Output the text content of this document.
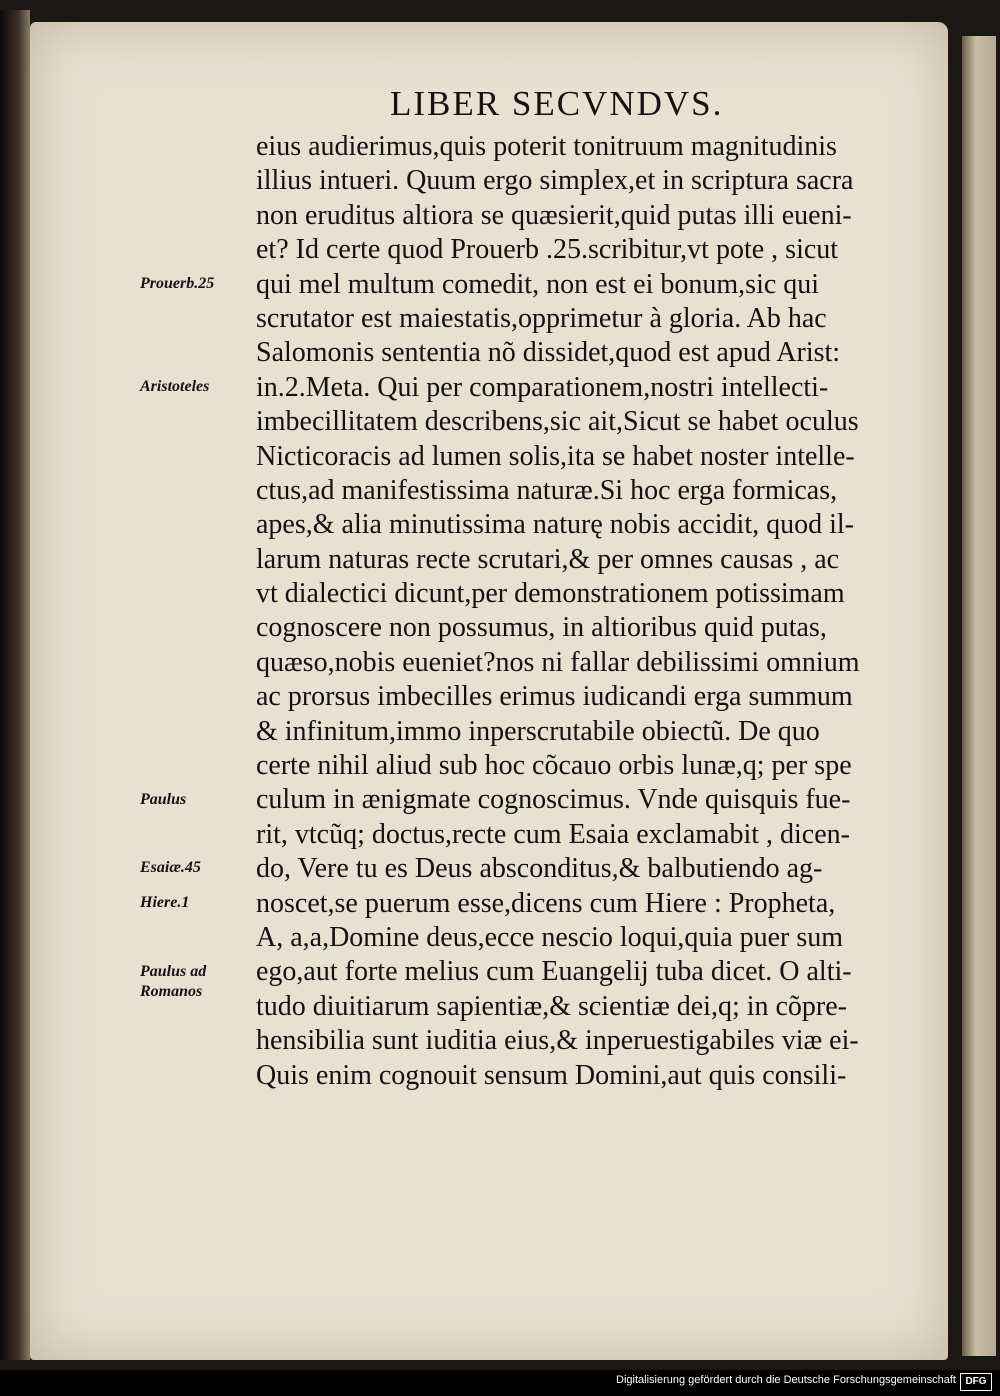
LIBER SECVNDVS.
eius audierimus,quis poterit tonitruum magnitudinis
illius intueri. Quum ergo simplex,et in scriptura sacra
non eruditus altiora se quæsierit,quid putas illi eueni-
et? Id certe quod Prouerb .25.scribitur,vt pote , sicut
qui mel multum comedit, non est ei bonum,sic qui
scrutator est maiestatis,opprimetur à gloria. Ab hac
Salomonis sententia nõ dissidet,quod est apud Arist:
in.2.Meta. Qui per comparationem,nostri intellecti-
imbecillitatem describens,sic ait,Sicut se habet oculus
Nicticoracis ad lumen solis,ita se habet noster intelle-
ctus,ad manifestissima naturæ.Si hoc erga formicas,
apes,& alia minutissima naturę nobis accidit, quod il-
larum naturas recte scrutari,& per omnes causas , ac
vt dialectici dicunt,per demonstrationem potissimam
cognoscere non possumus, in altioribus quid putas,
quæso,nobis eueniet?nos ni fallar debilissimi omnium
ac prorsus imbecilles erimus iudicandi erga summum
& infinitum,immo inperscrutabile obiectũ. De quo
certe nihil aliud sub hoc cõcauo orbis lunæ,q; per spe
culum in ænigmate cognoscimus. Vnde quisquis fue-
rit, vtcũq; doctus,recte cum Esaia exclamabit , dicen-
do, Vere tu es Deus absconditus,& balbutiendo ag-
noscet,se puerum esse,dicens cum Hiere : Propheta,
A, a,a,Domine deus,ecce nescio loqui,quia puer sum
ego,aut forte melius cum Euangelij tuba dicet. O alti-
tudo diuitiarum sapientiæ,& scientiæ dei,q; in cõpre-
hensibilia sunt iuditia eius,& inperuestigabiles viæ ei-
Quis enim cognouit sensum Domini,aut quis consili-
Prouerb.25
Aristoteles
Paulus
Esaiæ.45
Hiere.1
Paulus ad Romanos
Digitalisierung gefördert durch die Deutsche Forschungsgemeinschaft DFG
